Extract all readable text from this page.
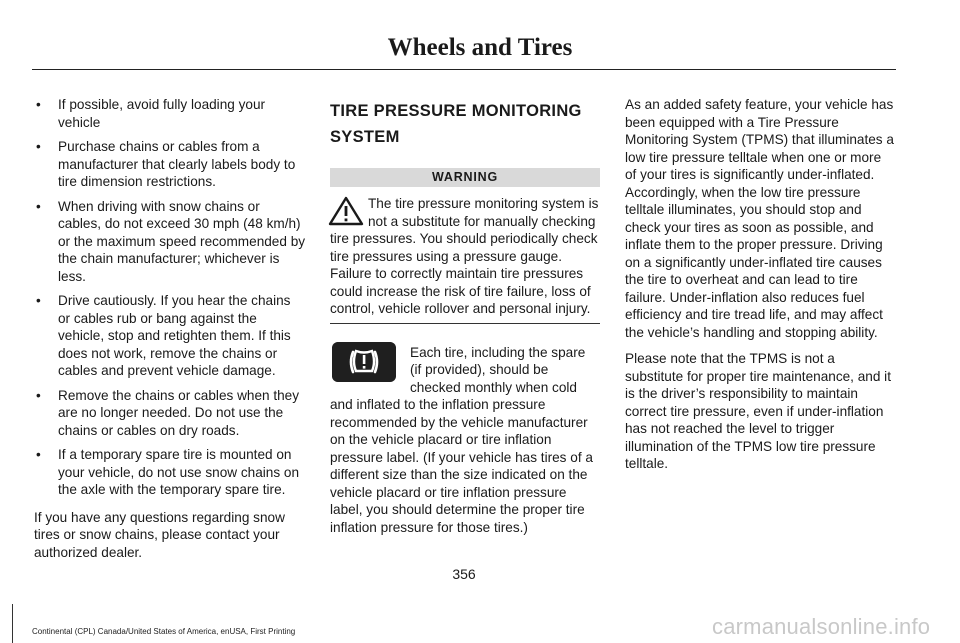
Wheels and Tires
• If possible, avoid fully loading your vehicle
• Purchase chains or cables from a manufacturer that clearly labels body to tire dimension restrictions.
• When driving with snow chains or cables, do not exceed 30 mph (48 km/h) or the maximum speed recommended by the chain manufacturer; whichever is less.
• Drive cautiously. If you hear the chains or cables rub or bang against the vehicle, stop and retighten them. If this does not work, remove the chains or cables and prevent vehicle damage.
• Remove the chains or cables when they are no longer needed. Do not use the chains or cables on dry roads.
• If a temporary spare tire is mounted on your vehicle, do not use snow chains on the axle with the temporary spare tire.

If you have any questions regarding snow tires or snow chains, please contact your authorized dealer.

TIRE PRESSURE MONITORING SYSTEM
WARNING
The tire pressure monitoring system is not a substitute for manually checking tire pressures. You should periodically check tire pressures using a pressure gauge. Failure to correctly maintain tire pressures could increase the risk of tire failure, loss of control, vehicle rollover and personal injury.
Each tire, including the spare (if provided), should be checked monthly when cold and inflated to the inflation pressure recommended by the vehicle manufacturer on the vehicle placard or tire inflation pressure label. (If your vehicle has tires of a different size than the size indicated on the vehicle placard or tire inflation pressure label, you should determine the proper tire inflation pressure for those tires.)

As an added safety feature, your vehicle has been equipped with a Tire Pressure Monitoring System (TPMS) that illuminates a low tire pressure telltale when one or more of your tires is significantly under-inflated. Accordingly, when the low tire pressure telltale illuminates, you should stop and check your tires as soon as possible, and inflate them to the proper pressure. Driving on a significantly under-inflated tire causes the tire to overheat and can lead to tire failure. Under-inflation also reduces fuel efficiency and tire tread life, and may affect the vehicle’s handling and stopping ability.

Please note that the TPMS is not a substitute for proper tire maintenance, and it is the driver’s responsibility to maintain correct tire pressure, even if under-inflation has not reached the level to trigger illumination of the TPMS low tire pressure telltale.

356
Continental (CPL) Canada/United States of America, enUSA, First Printing	carmanualsonline.info
